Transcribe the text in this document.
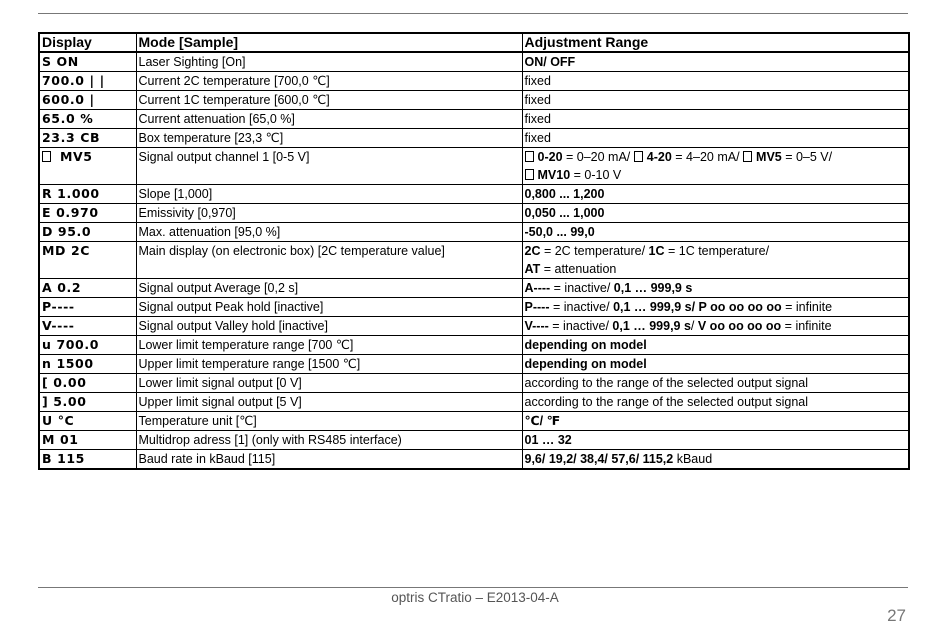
Display	Mode [Sample]	Adjustment Range
S ON	Laser Sighting [On]	ON/ OFF
700.0 | |	Current 2C temperature [700,0 ℃]	fixed
600.0 |	Current 1C temperature [600,0 ℃]	fixed
65.0 %	Current attenuation [65,0 %]	fixed
23.3 CB	Box temperature [23,3 ℃]	fixed
MV5	Signal output channel 1 [0-5 V]	0-20 = 0–20 mA/ 4-20 = 4–20 mA/ MV5 = 0–5 V/
MV10 = 0-10 V

R 1.000	Slope [1,000]	0,800 ... 1,200
E 0.970	Emissivity [0,970]	0,050 ... 1,000
D 95.0	Max. attenuation [95,0 %]	-50,0 ... 99,0
MD 2C	Main display (on electronic box) [2C temperature value]	2C = 2C temperature/ 1C = 1C temperature/
AT = attenuation

A 0.2	Signal output Average [0,2 s]	A---- = inactive/ 0,1 … 999,9 s

P----	Signal output Peak hold [inactive]	P---- = inactive/ 0,1 … 999,9 s/ P oo oo oo oo = infinite

V----	Signal output Valley hold [inactive]	V---- = inactive/ 0,1 … 999,9 s/ V oo oo oo oo = infinite

u 700.0	Lower limit temperature range [700 ℃]	depending on model
n 1500	Upper limit temperature range [1500 ℃]	depending on model
[ 0.00	Lower limit signal output [0 V]	according to the range of the selected output signal
] 5.00	Upper limit signal output [5 V]	according to the range of the selected output signal
U °C	Temperature unit [℃]	℃/ ℉
M 01	Multidrop adress [1] (only with RS485 interface)	01 … 32
B 115	Baud rate in kBaud [115]	9,6/ 19,2/ 38,4/ 57,6/ 115,2 kBaud
optris CTratio – E2013-04-A
27
